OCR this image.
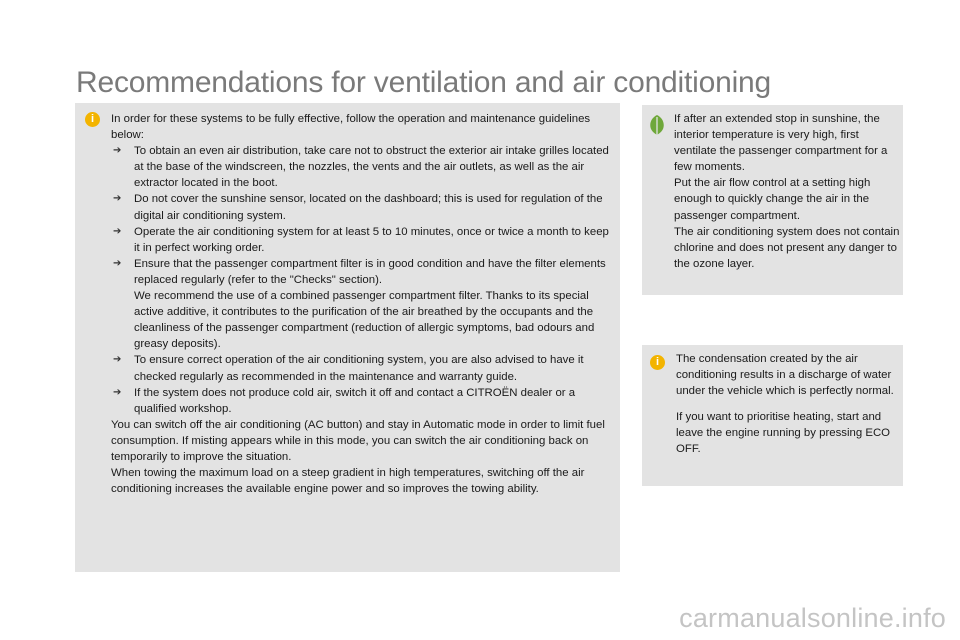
Recommendations for ventilation and air conditioning
i	In order for these systems to be fully effective, follow the operation and maintenance guidelines below:

➔ To obtain an even air distribution, take care not to obstruct the exterior air intake grilles located at the base of the windscreen, the nozzles, the vents and the air outlets, as well as the air extractor located in the boot.
➔ Do not cover the sunshine sensor, located on the dashboard; this is used for regulation of the digital air conditioning system.
➔ Operate the air conditioning system for at least 5 to 10 minutes, once or twice a month to keep it in perfect working order.
➔ Ensure that the passenger compartment filter is in good condition and have the filter elements replaced regularly (refer to the "Checks" section).

We recommend the use of a combined passenger compartment filter. Thanks to its special active additive, it contributes to the purification of the air breathed by the occupants and the cleanliness of the passenger compartment (reduction of allergic symptoms, bad odours and greasy deposits).

➔ To ensure correct operation of the air conditioning system, you are also advised to have it checked regularly as recommended in the maintenance and warranty guide.
➔ If the system does not produce cold air, switch it off and contact a CITROËN dealer or a qualified workshop.

You can switch off the air conditioning (AC button) and stay in Automatic mode in order to limit fuel consumption. If misting appears while in this mode, you can switch the air conditioning back on temporarily to improve the situation.

When towing the maximum load on a steep gradient in high temperatures, switching off the air conditioning increases the available engine power and so improves the towing ability.

If after an extended stop in sunshine, the interior temperature is very high, first ventilate the passenger compartment for a few moments.

Put the air flow control at a setting high enough to quickly change the air in the passenger compartment.

The air conditioning system does not contain chlorine and does not present any danger to the ozone layer.

i	The condensation created by the air conditioning results in a discharge of water under the vehicle which is perfectly normal.

If you want to prioritise heating, start and leave the engine running by pressing ECO OFF.

carmanualsonline.info
